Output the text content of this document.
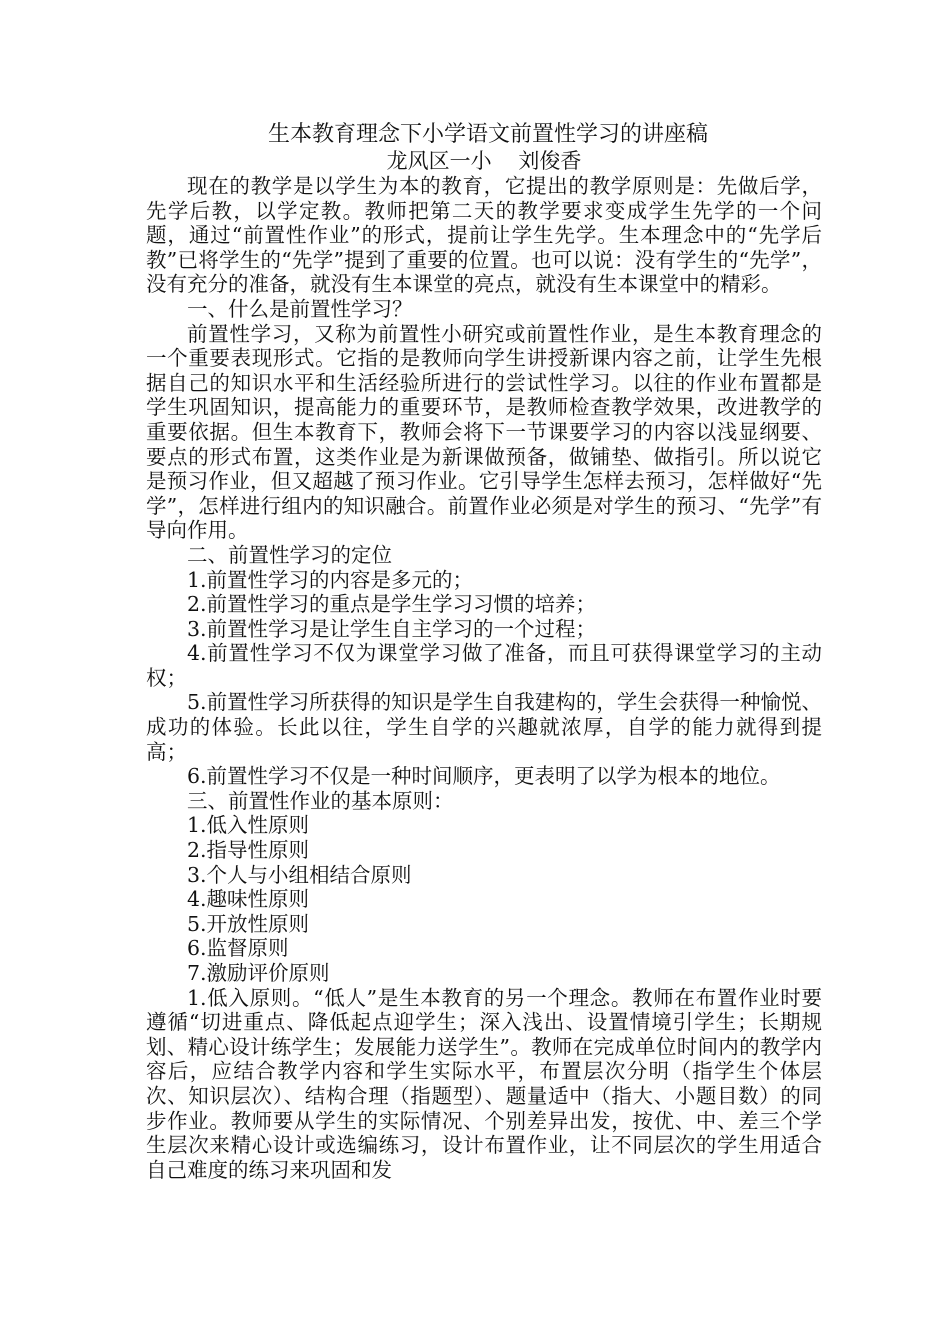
生本教育理念下小学语文前置性学习的讲座稿

龙风区一小    刘俊香

现在的教学是以学生为本的教育，它提出的教学原则是：先做后学，先学后教，以学定教。教师把第二天的教学要求变成学生先学的一个问题，通过“前置性作业”的形式，提前让学生先学。生本理念中的“先学后教”已将学生的“先学”提到了重要的位置。也可以说：没有学生的“先学”，没有充分的准备，就没有生本课堂的亮点，就没有生本课堂中的精彩。

一、什么是前置性学习？

前置性学习，又称为前置性小研究或前置性作业，是生本教育理念的一个重要表现形式。它指的是教师向学生讲授新课内容之前，让学生先根据自己的知识水平和生活经验所进行的尝试性学习。以往的作业布置都是学生巩固知识，提高能力的重要环节，是教师检查教学效果，改进教学的重要依据。但生本教育下，教师会将下一节课要学习的内容以浅显纲要、要点的形式布置，这类作业是为新课做预备，做铺垫、做指引。所以说它是预习作业，但又超越了预习作业。它引导学生怎样去预习，怎样做好“先学”，怎样进行组内的知识融合。前置作业必须是对学生的预习、“先学”有导向作用。

二、前置性学习的定位

1.前置性学习的内容是多元的；

2.前置性学习的重点是学生学习习惯的培养；

3.前置性学习是让学生自主学习的一个过程；

4.前置性学习不仅为课堂学习做了准备，而且可获得课堂学习的主动权；

5.前置性学习所获得的知识是学生自我建构的，学生会获得一种愉悦、成功的体验。长此以往，学生自学的兴趣就浓厚，自学的能力就得到提高；

6.前置性学习不仅是一种时间顺序，更表明了以学为根本的地位。

三、前置性作业的基本原则：

1.低入性原则

2.指导性原则

3.个人与小组相结合原则

4.趣味性原则

5.开放性原则

6.监督原则

7.激励评价原则

1.低入原则。“低人”是生本教育的另一个理念。教师在布置作业时要遵循“切进重点、降低起点迎学生；深入浅出、设置情境引学生；长期规划、精心设计练学生；发展能力送学生”。教师在完成单位时间内的教学内容后，应结合教学内容和学生实际水平，布置层次分明（指学生个体层次、知识层次）、结构合理（指题型）、题量适中（指大、小题目数）的同步作业。教师要从学生的实际情况、个别差异出发，按优、中、差三个学生层次来精心设计或选编练习，设计布置作业，让不同层次的学生用适合自己难度的练习来巩固和发
